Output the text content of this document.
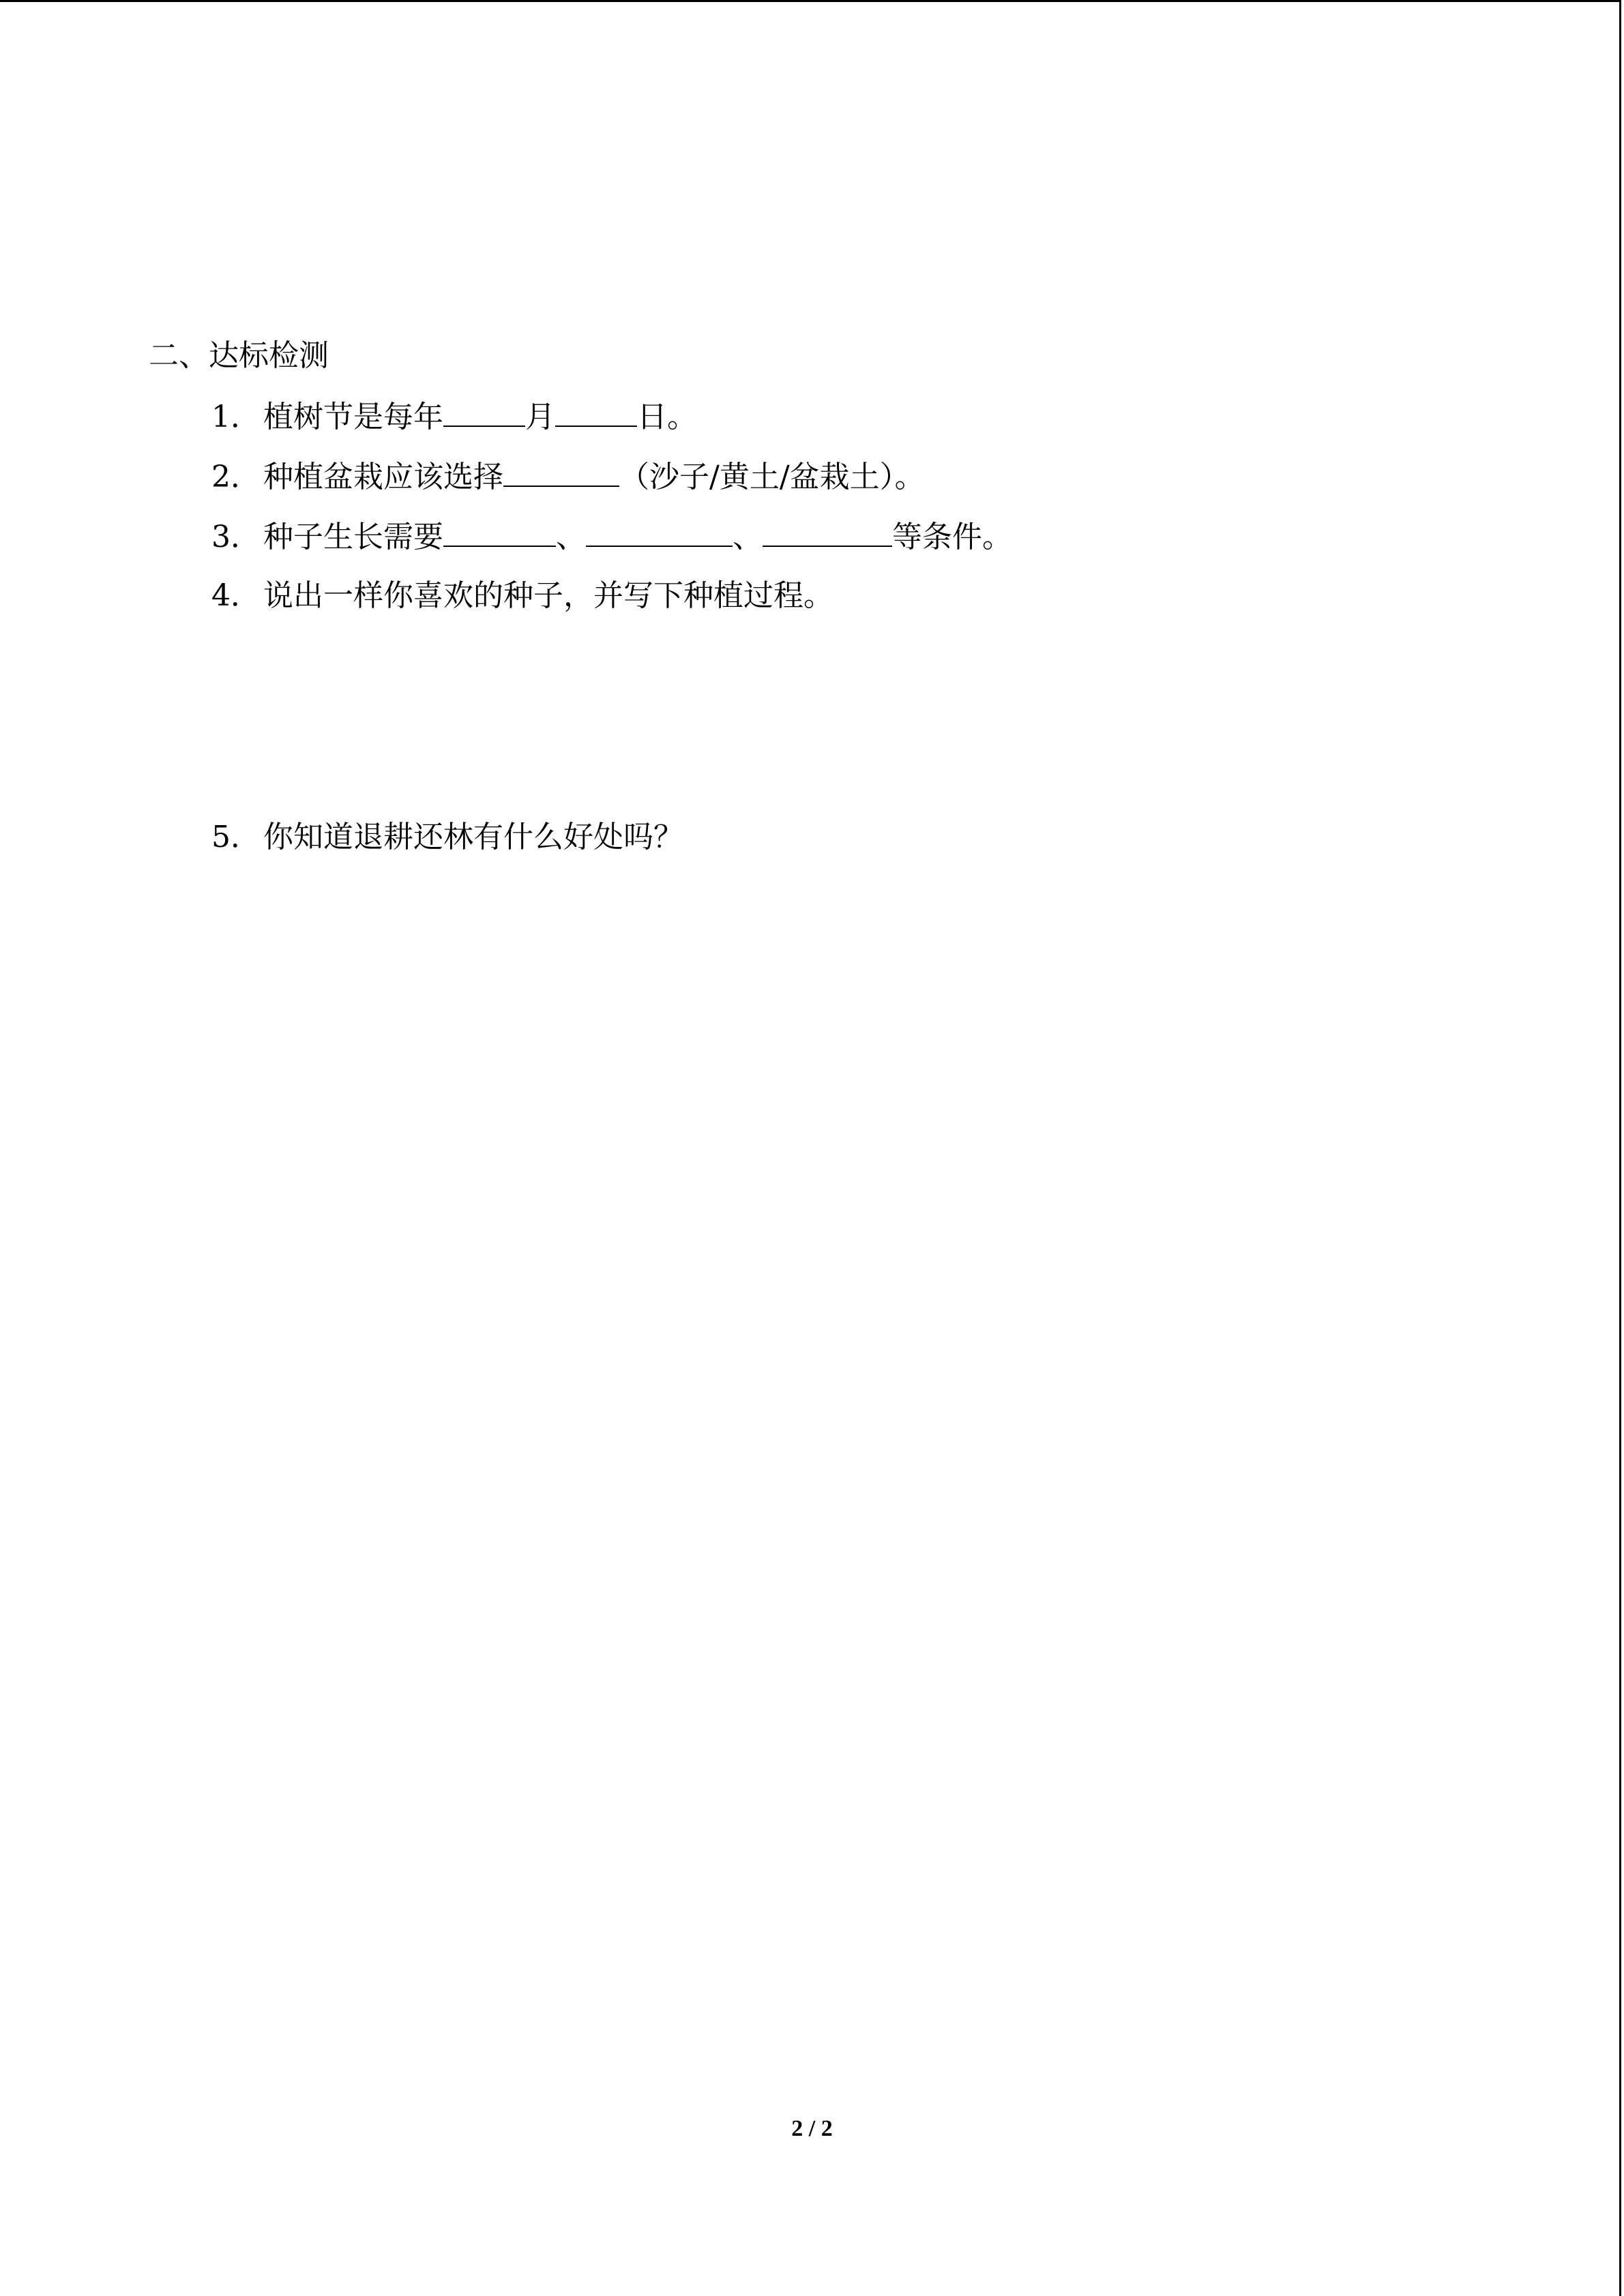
二、达标检测
1．植树节是每年	月	日。
2．种植盆栽应该选择	（沙子/黄土/盆栽土）。
3．种子生长需要	、	、	等条件。
4．说出一样你喜欢的种子，并写下种植过程。
5．你知道退耕还林有什么好处吗？
2 / 2
